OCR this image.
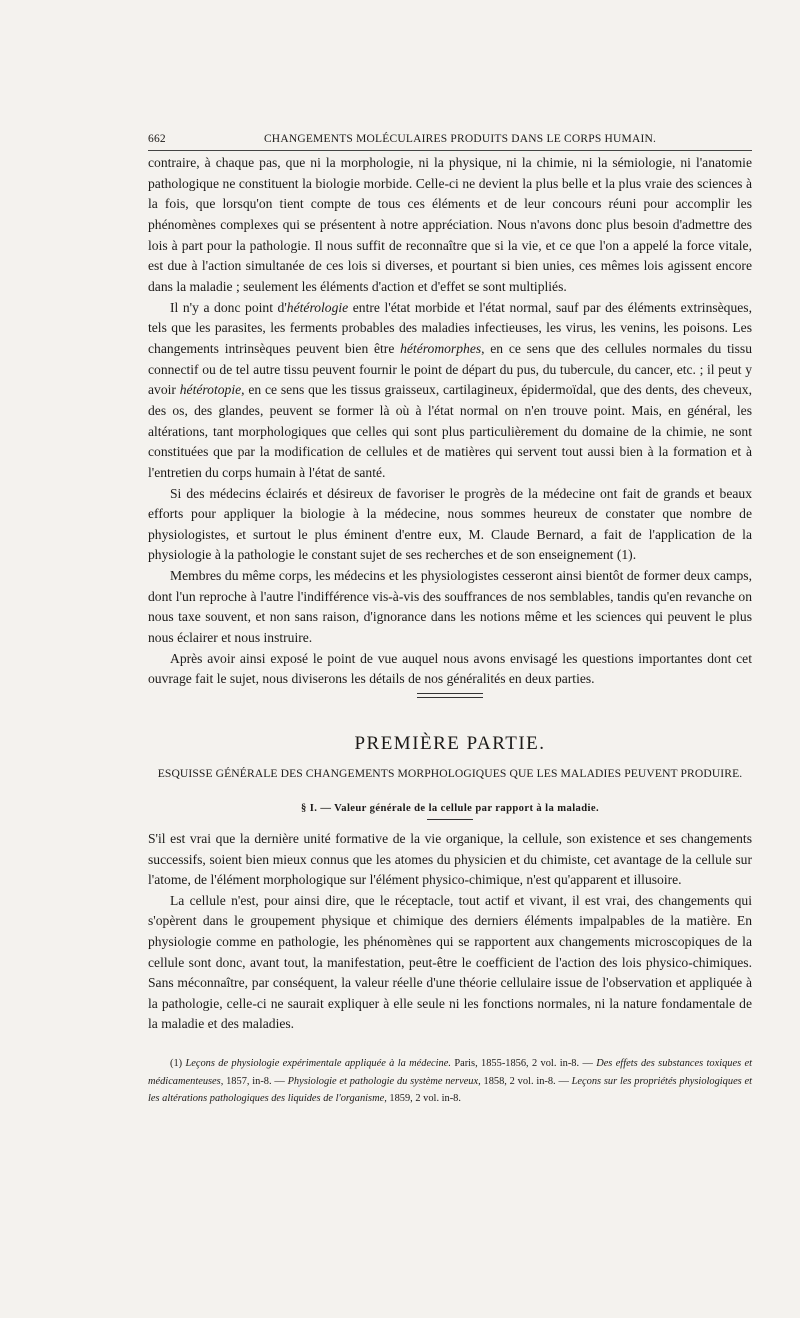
662	CHANGEMENTS MOLÉCULAIRES PRODUITS DANS LE CORPS HUMAIN.

contraire, à chaque pas, que ni la morphologie, ni la physique, ni la chimie, ni la sémiologie, ni l'anatomie pathologique ne constituent la biologie morbide. Celle-ci ne devient la plus belle et la plus vraie des sciences à la fois, que lorsqu'on tient compte de tous ces éléments et de leur concours réuni pour accomplir les phénomènes complexes qui se présentent à notre appréciation. Nous n'avons donc plus besoin d'admettre des lois à part pour la pathologie. Il nous suffit de reconnaître que si la vie, et ce que l'on a appelé la force vitale, est due à l'action simultanée de ces lois si diverses, et pourtant si bien unies, ces mêmes lois agissent encore dans la maladie ; seulement les éléments d'action et d'effet se sont multipliés.

Il n'y a donc point d'hétérologie entre l'état morbide et l'état normal, sauf par des éléments extrinsèques, tels que les parasites, les ferments probables des maladies infectieuses, les virus, les venins, les poisons. Les changements intrinsèques peuvent bien être hétéromorphes, en ce sens que des cellules normales du tissu connectif ou de tel autre tissu peuvent fournir le point de départ du pus, du tubercule, du cancer, etc. ; il peut y avoir hétérotopie, en ce sens que les tissus graisseux, cartilagineux, épidermoïdal, que des dents, des cheveux, des os, des glandes, peuvent se former là où à l'état normal on n'en trouve point. Mais, en général, les altérations, tant morphologiques que celles qui sont plus particulièrement du domaine de la chimie, ne sont constituées que par la modification de cellules et de matières qui servent tout aussi bien à la formation et à l'entretien du corps humain à l'état de santé.

Si des médecins éclairés et désireux de favoriser le progrès de la médecine ont fait de grands et beaux efforts pour appliquer la biologie à la médecine, nous sommes heureux de constater que nombre de physiologistes, et surtout le plus éminent d'entre eux, M. Claude Bernard, a fait de l'application de la physiologie à la pathologie le constant sujet de ses recherches et de son enseignement (1).

Membres du même corps, les médecins et les physiologistes cesseront ainsi bientôt de former deux camps, dont l'un reproche à l'autre l'indifférence vis-à-vis des souffrances de nos semblables, tandis qu'en revanche on nous taxe souvent, et non sans raison, d'ignorance dans les notions même et les sciences qui peuvent le plus nous éclairer et nous instruire.

Après avoir ainsi exposé le point de vue auquel nous avons envisagé les questions importantes dont cet ouvrage fait le sujet, nous diviserons les détails de nos généralités en deux parties.

PREMIÈRE PARTIE.
ESQUISSE GÉNÉRALE DES CHANGEMENTS MORPHOLOGIQUES QUE LES MALADIES PEUVENT PRODUIRE.
§ I. — Valeur générale de la cellule par rapport à la maladie.

S'il est vrai que la dernière unité formative de la vie organique, la cellule, son existence et ses changements successifs, soient bien mieux connus que les atomes du physicien et du chimiste, cet avantage de la cellule sur l'atome, de l'élément morphologique sur l'élément physico-chimique, n'est qu'apparent et illusoire.

La cellule n'est, pour ainsi dire, que le réceptacle, tout actif et vivant, il est vrai, des changements qui s'opèrent dans le groupement physique et chimique des derniers éléments impalpables de la matière. En physiologie comme en pathologie, les phénomènes qui se rapportent aux changements microscopiques de la cellule sont donc, avant tout, la manifestation, peut-être le coefficient de l'action des lois physico-chimiques. Sans méconnaître, par conséquent, la valeur réelle d'une théorie cellulaire issue de l'observation et appliquée à la pathologie, celle-ci ne saurait expliquer à elle seule ni les fonctions normales, ni la nature fondamentale de la maladie et des maladies.

(1) Leçons de physiologie expérimentale appliquée à la médecine. Paris, 1855-1856, 2 vol. in-8. — Des effets des substances toxiques et médicamenteuses, 1857, in-8. — Physiologie et pathologie du système nerveux, 1858, 2 vol. in-8. — Leçons sur les propriétés physiologiques et les altérations pathologiques des liquides de l'organisme, 1859, 2 vol. in-8.
